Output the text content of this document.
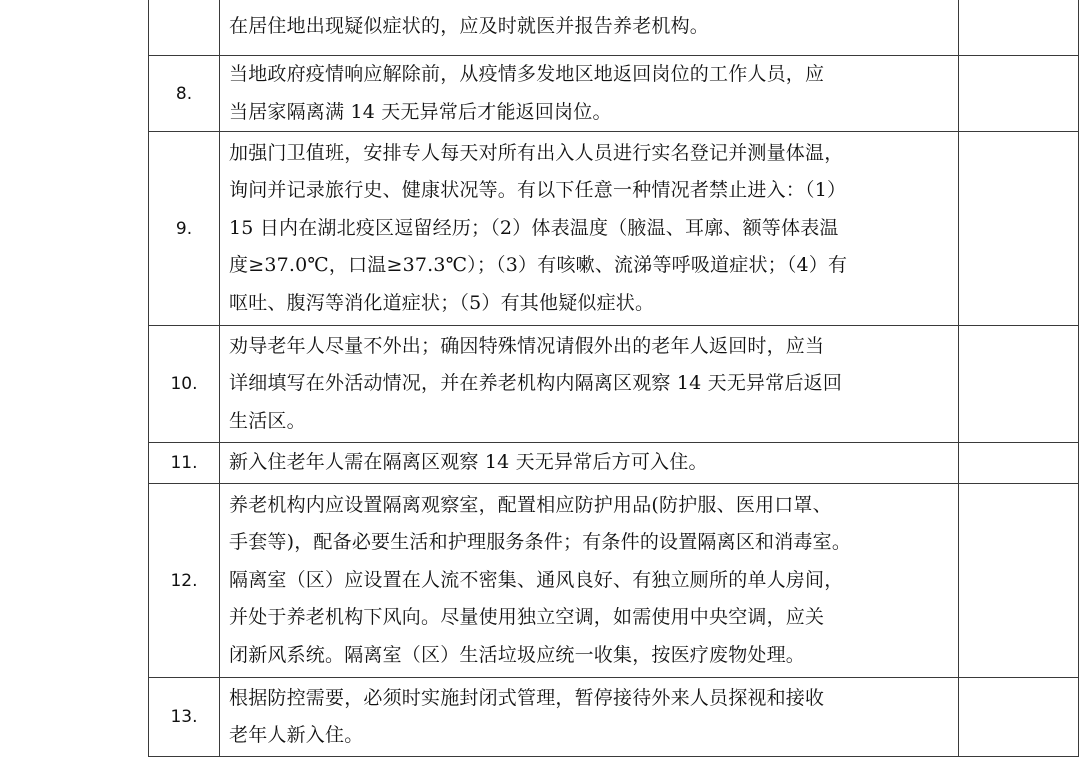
	在居住地出现疑似症状的，应及时就医并报告养老机构。	

8.	当地政府疫情响应解除前，从疫情多发地区地返回岗位的工作人员，应
当居家隔离满 14 天无异常后才能返回岗位。	

9.	加强门卫值班，安排专人每天对所有出入人员进行实名登记并测量体温，
询问并记录旅行史、健康状况等。有以下任意一种情况者禁止进入：（1）
15 日内在湖北疫区逗留经历；（2）体表温度（腋温、耳廓、额等体表温
度≥37.0℃，口温≥37.3℃）；（3）有咳嗽、流涕等呼吸道症状；（4）有
呕吐、腹泻等消化道症状；（5）有其他疑似症状。	

10.	劝导老年人尽量不外出；确因特殊情况请假外出的老年人返回时，应当
详细填写在外活动情况，并在养老机构内隔离区观察 14 天无异常后返回
生活区。	

11.	新入住老年人需在隔离区观察 14 天无异常后方可入住。	

12.	养老机构内应设置隔离观察室，配置相应防护用品(防护服、医用口罩、
手套等)，配备必要生活和护理服务条件；有条件的设置隔离区和消毒室。
隔离室（区）应设置在人流不密集、通风良好、有独立厕所的单人房间，
并处于养老机构下风向。尽量使用独立空调，如需使用中央空调，应关
闭新风系统。隔离室（区）生活垃圾应统一收集，按医疗废物处理。	

13.	根据防控需要，必须时实施封闭式管理，暂停接待外来人员探视和接收
老年人新入住。	
